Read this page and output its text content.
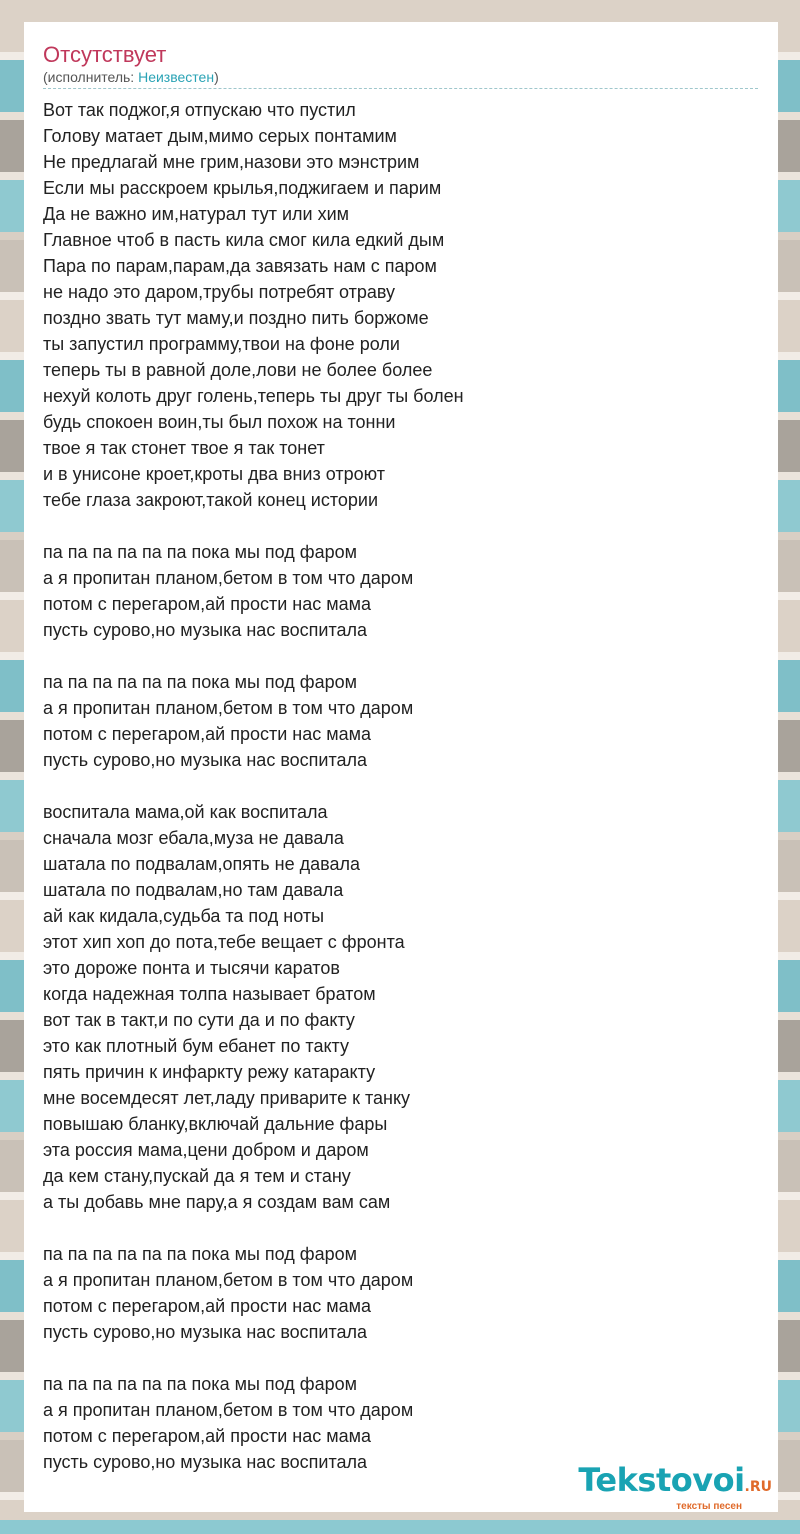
Отсутствует
(исполнитель: Неизвестен)
Вот так поджог,я отпускаю что пустил
Голову матает дым,мимо серых понтамим
Не предлагай мне грим,назови это мэнстрим
Если мы расскроем крылья,поджигаем и парим
Да не важно им,натурал тут или хим
Главное чтоб в пасть кила смог кила едкий дым
Пара по парам,парам,да завязать нам с паром
не надо это даром,трубы потребят отраву
поздно звать тут маму,и поздно пить боржоме
ты запустил программу,твои на фоне роли
теперь ты в равной доле,лови не более более
нехуй колоть друг голень,теперь ты друг ты болен
будь спокоен воин,ты был похож на тонни
твое я так стонет твое я так тонет
и в унисоне кроет,кроты два вниз отроют
тебе глаза закроют,такой конец истории
па па па па па па пока мы под фаром
а я пропитан планом,бетом в том что даром
потом с перегаром,ай прости нас мама
пусть сурово,но музыка нас воспитала
па па па па па па пока мы под фаром
а я пропитан планом,бетом в том что даром
потом с перегаром,ай прости нас мама
пусть сурово,но музыка нас воспитала
воспитала мама,ой как воспитала
сначала мозг ебала,муза не давала
шатала по подвалам,опять не давала
шатала по подвалам,но там давала
ай как кидала,судьба та под ноты
этот хип хоп до пота,тебе вещает с фронта
это дороже понта и тысячи каратов
когда надежная толпа называет братом
вот так в такт,и по сути да и по факту
это как плотный бум ебанет по такту
пять причин к инфаркту режу катаракту
мне восемдесят лет,ладу приварите к танку
повышаю бланку,включай дальние фары
эта россия мама,цени добром и даром
да кем стану,пускай да я тем и стану
а ты добавь мне пару,а я создам вам сам
па па па па па па пока мы под фаром
а я пропитан планом,бетом в том что даром
потом с перегаром,ай прости нас мама
пусть сурово,но музыка нас воспитала
па па па па па па пока мы под фаром
а я пропитан планом,бетом в том что даром
потом с перегаром,ай прости нас мама
пусть сурово,но музыка нас воспитала	Tekstovoi.RU
тексты песен
